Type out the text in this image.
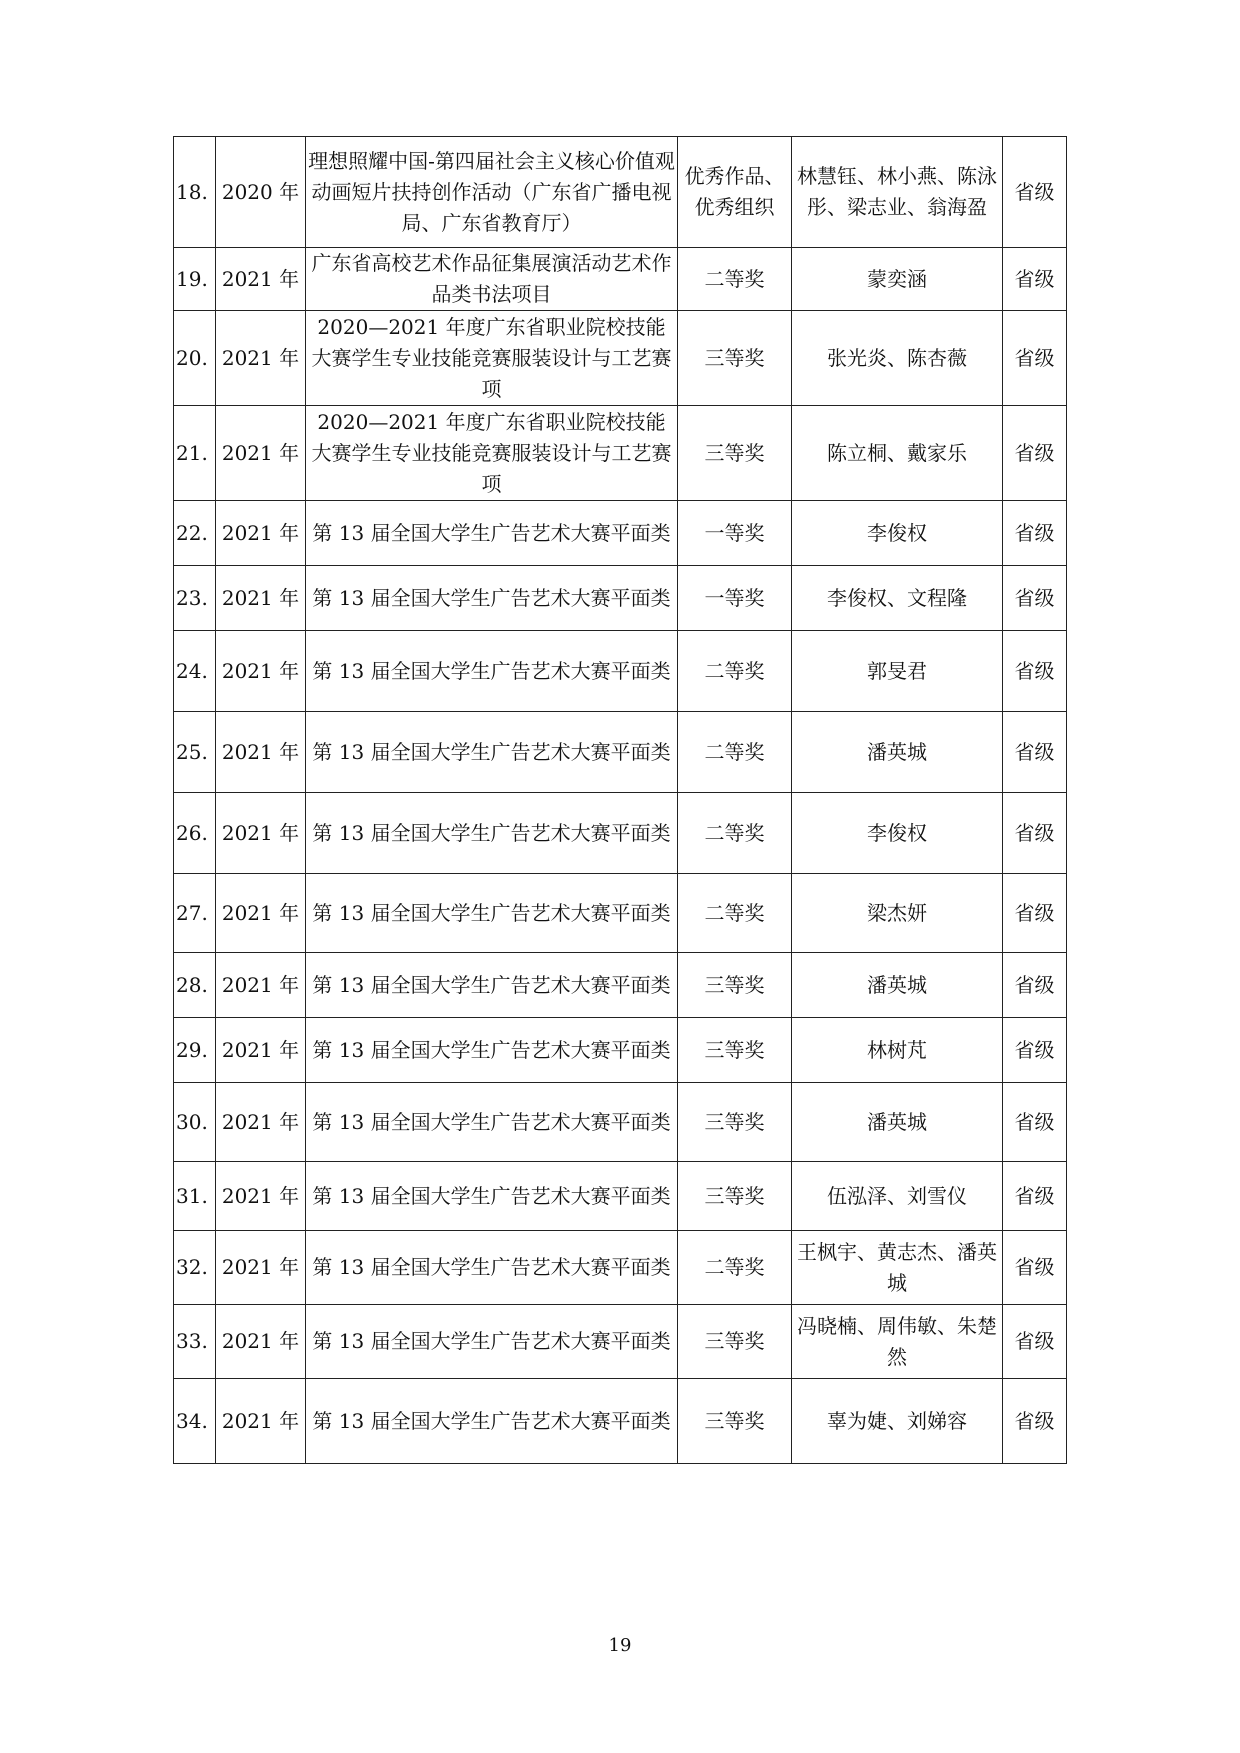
18.	2020 年	理想照耀中国-第四届社会主义核心价值观动画短片扶持创作活动（广东省广播电视局、广东省教育厅）	优秀作品、优秀组织	林慧钰、林小燕、陈泳彤、梁志业、翁海盈	省级
19.	2021 年	广东省高校艺术作品征集展演活动艺术作品类书法项目	二等奖	蒙奕涵	省级
20.	2021 年	2020—2021 年度广东省职业院校技能大赛学生专业技能竞赛服装设计与工艺赛项	三等奖	张光炎、陈杏薇	省级
21.	2021 年	2020—2021 年度广东省职业院校技能大赛学生专业技能竞赛服装设计与工艺赛项	三等奖	陈立桐、戴家乐	省级
22.	2021 年	第 13 届全国大学生广告艺术大赛平面类	一等奖	李俊权	省级
23.	2021 年	第 13 届全国大学生广告艺术大赛平面类	一等奖	李俊权、文程隆	省级
24.	2021 年	第 13 届全国大学生广告艺术大赛平面类	二等奖	郭旻君	省级
25.	2021 年	第 13 届全国大学生广告艺术大赛平面类	二等奖	潘英城	省级
26.	2021 年	第 13 届全国大学生广告艺术大赛平面类	二等奖	李俊权	省级
27.	2021 年	第 13 届全国大学生广告艺术大赛平面类	二等奖	梁杰妍	省级
28.	2021 年	第 13 届全国大学生广告艺术大赛平面类	三等奖	潘英城	省级
29.	2021 年	第 13 届全国大学生广告艺术大赛平面类	三等奖	林树芃	省级
30.	2021 年	第 13 届全国大学生广告艺术大赛平面类	三等奖	潘英城	省级
31.	2021 年	第 13 届全国大学生广告艺术大赛平面类	三等奖	伍泓泽、刘雪仪	省级
32.	2021 年	第 13 届全国大学生广告艺术大赛平面类	二等奖	王枫宇、黄志杰、潘英城	省级
33.	2021 年	第 13 届全国大学生广告艺术大赛平面类	三等奖	冯晓楠、周伟敏、朱楚然	省级
34.	2021 年	第 13 届全国大学生广告艺术大赛平面类	三等奖	辜为婕、刘娣容	省级
19
